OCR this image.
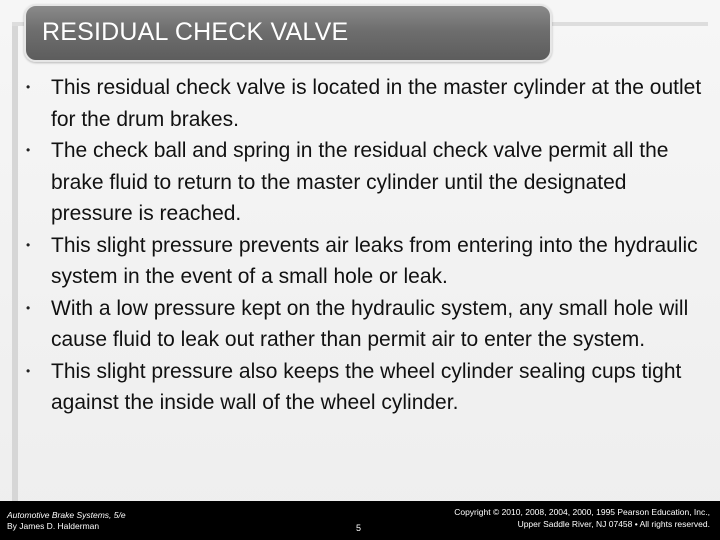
RESIDUAL CHECK VALVE
• This residual check valve is located in the master cylinder at the outlet for the drum brakes.
• The check ball and spring in the residual check valve permit all the brake fluid to return to the master cylinder until the designated pressure is reached.
• This slight pressure prevents air leaks from entering into the hydraulic system in the event of a small hole or leak.
• With a low pressure kept on the hydraulic system, any small hole will cause fluid to leak out rather than permit air to enter the system.
• This slight pressure also keeps the wheel cylinder sealing cups tight against the inside wall of the wheel cylinder.
Automotive Brake Systems, 5/e
By James D. Halderman	5
Copyright © 2010, 2008, 2004, 2000, 1995 Pearson Education, Inc.,
Upper Saddle River, NJ 07458 • All rights reserved.
